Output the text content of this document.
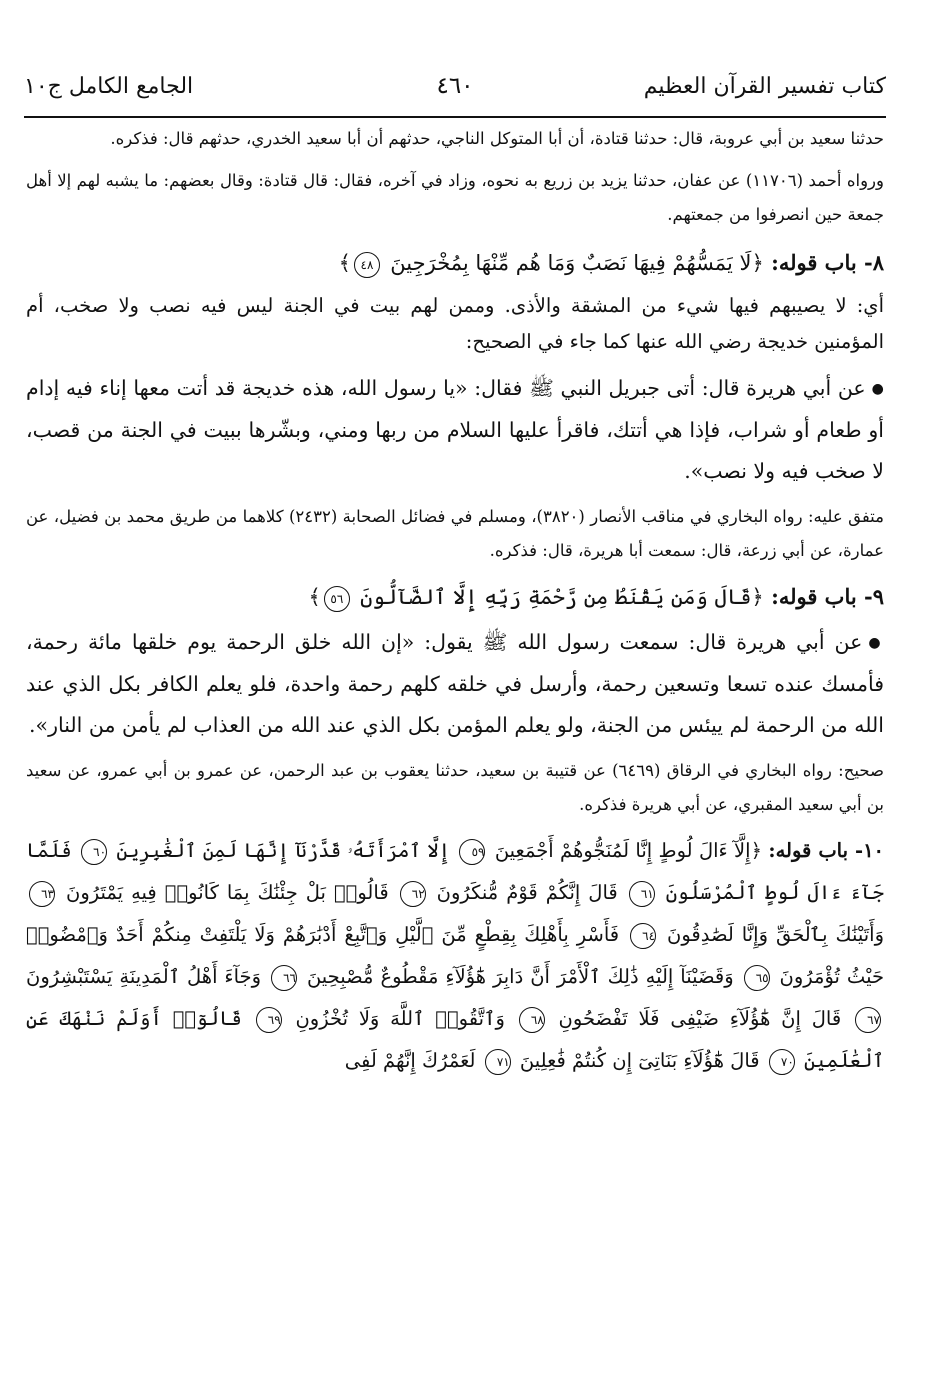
كتاب تفسير القرآن العظيم
٤٦٠
الجامع الكامل ج١٠

حدثنا سعيد بن أبي عروبة، قال: حدثنا قتادة، أن أبا المتوكل الناجي، حدثهم أن أبا سعيد الخدري، حدثهم قال: فذكره.

ورواه أحمد (١١٧٠٦) عن عفان، حدثنا يزيد بن زريع به نحوه، وزاد في آخره، فقال: قال قتادة: وقال بعضهم: ما يشبه لهم إلا أهل جمعة حين انصرفوا من جمعتهم.

٨- باب قوله: ﴿لَا يَمَسُّهُمْ فِيهَا نَصَبٌ وَمَا هُم مِّنْهَا بِمُخْرَجِينَ ٤٨﴾

أي: لا يصيبهم فيها شيء من المشقة والأذى. وممن لهم بيت في الجنة ليس فيه نصب ولا صخب، أم المؤمنين خديجة رضي الله عنها كما جاء في الصحيح:

●عن أبي هريرة قال: أتى جبريل النبي ﷺ فقال: «يا رسول الله، هذه خديجة قد أتت معها إناء فيه إدام أو طعام أو شراب، فإذا هي أتتك، فاقرأ عليها السلام من ربها ومني، وبشّرها ببيت في الجنة من قصب، لا صخب فيه ولا نصب».

متفق عليه: رواه البخاري في مناقب الأنصار (٣٨٢٠)، ومسلم في فضائل الصحابة (٢٤٣٢) كلاهما من طريق محمد بن فضيل، عن عمارة، عن أبي زرعة، قال: سمعت أبا هريرة، قال: فذكره.

٩- باب قوله: ﴿قَالَ وَمَن يَقْنَطُ مِن رَّحْمَةِ رَبِّهِ إِلَّا ٱلضَّآلُّونَ ٥٦﴾

●عن أبي هريرة قال: سمعت رسول الله ﷺ يقول: «إن الله خلق الرحمة يوم خلقها مائة رحمة، فأمسك عنده تسعا وتسعين رحمة، وأرسل في خلقه كلهم رحمة واحدة، فلو يعلم الكافر بكل الذي عند الله من الرحمة لم ييئس من الجنة، ولو يعلم المؤمن بكل الذي عند الله من العذاب لم يأمن من النار».

صحيح: رواه البخاري في الرقاق (٦٤٦٩) عن قتيبة بن سعيد، حدثنا يعقوب بن عبد الرحمن، عن عمرو بن أبي عمرو، عن سعيد بن أبي سعيد المقبري، عن أبي هريرة فذكره.

١٠- باب قوله: ﴿إِلَّآ ءَالَ لُوطٍ إِنَّا لَمُنَجُّوهُمْ أَجْمَعِينَ ٥٩ إِلَّا ٱمْرَأَتَهُۥ قَدَّرْنَآ إِنَّهَا لَمِنَ ٱلْغَٰبِرِينَ ٦٠ فَلَمَّا جَآءَ ءَالَ لُوطٍ ٱلْمُرْسَلُونَ ٦١ قَالَ إِنَّكُمْ قَوْمٌ مُّنكَرُونَ ٦٢ قَالُوا۟ بَلْ جِئْنَٰكَ بِمَا كَانُوا۟ فِيهِ يَمْتَرُونَ ٦٣ وَأَتَيْنَٰكَ بِٱلْحَقِّ وَإِنَّا لَصَٰدِقُونَ ٦٤ فَأَسْرِ بِأَهْلِكَ بِقِطْعٍ مِّنَ ٱلَّيْلِ وَٱتَّبِعْ أَدْبَٰرَهُمْ وَلَا يَلْتَفِتْ مِنكُمْ أَحَدٌ وَٱمْضُوا۟ حَيْثُ تُؤْمَرُونَ ٦٥ وَقَضَيْنَآ إِلَيْهِ ذَٰلِكَ ٱلْأَمْرَ أَنَّ دَابِرَ هَٰٓؤُلَآءِ مَقْطُوعٌ مُّصْبِحِينَ ٦٦ وَجَآءَ أَهْلُ ٱلْمَدِينَةِ يَسْتَبْشِرُونَ ٦٧ قَالَ إِنَّ هَٰٓؤُلَآءِ ضَيْفِى فَلَا تَفْضَحُونِ ٦٨ وَٱتَّقُوا۟ ٱللَّهَ وَلَا تُخْزُونِ ٦٩ قَالُوٓا۟ أَوَلَمْ نَنْهَكَ عَنِ ٱلْعَٰلَمِينَ ٧٠ قَالَ هَٰٓؤُلَآءِ بَنَاتِىٓ إِن كُنتُمْ فَٰعِلِينَ ٧١ لَعَمْرُكَ إِنَّهُمْ لَفِى
